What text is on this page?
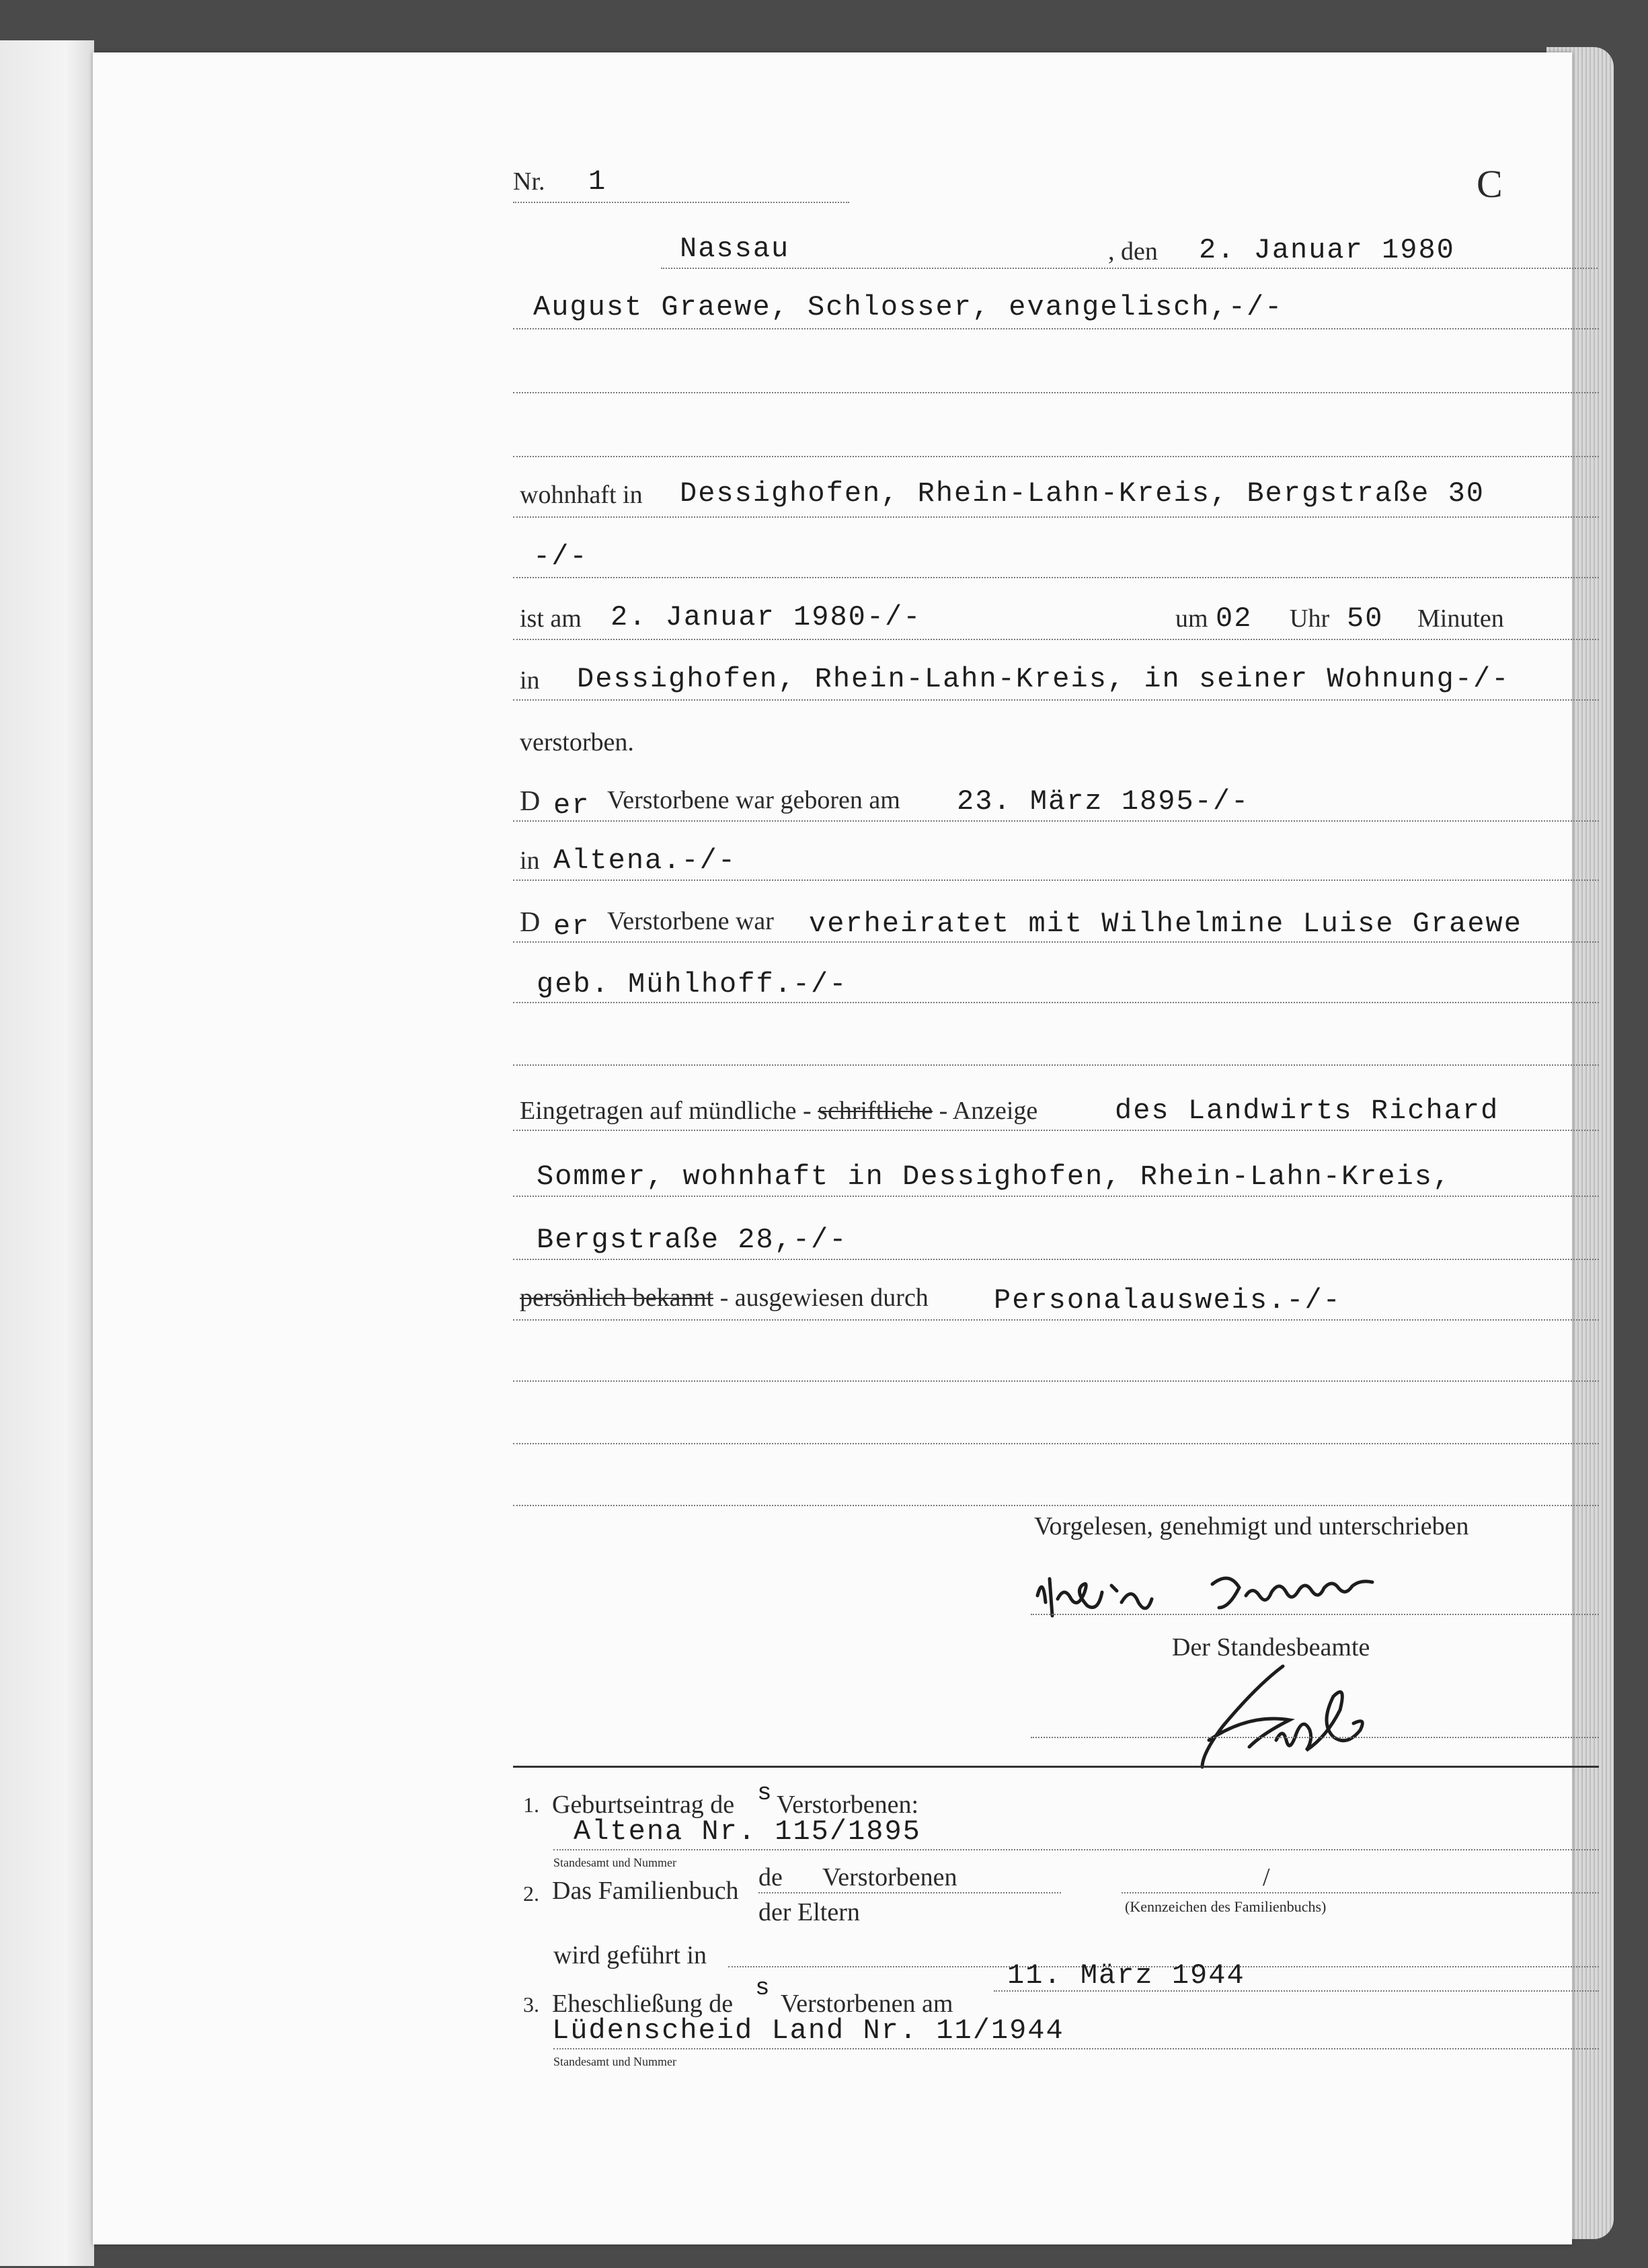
Nr. 1	C
Nassau	, den 2. Januar 1980
August Graewe, Schlosser, evangelisch,-/-
wohnhaft in Dessighofen, Rhein-Lahn-Kreis, Bergstraße 30
-/-
ist am 2. Januar 1980-/-	um 02 Uhr 50 Minuten
in Dessighofen, Rhein-Lahn-Kreis, in seiner Wohnung-/-
verstorben.
D er Verstorbene war geboren am 23. März 1895-/-
in Altena.-/-
D er Verstorbene war verheiratet mit Wilhelmine Luise Graewe
geb. Mühlhoff.-/-
Eingetragen auf mündliche - schriftliche - Anzeige	des Landwirts Richard
Sommer, wohnhaft in Dessighofen, Rhein-Lahn-Kreis,
Bergstraße 28,-/-
persönlich bekannt - ausgewiesen durch Personalausweis.-/-
Vorgelesen, genehmigt und unterschrieben
Der Standesbeamte
1. Geburtseintrag de s Verstorbenen:
Altena Nr. 115/1895
Standesamt und Nummer
2. Das Familienbuch de Verstorbenen
der Eltern
/
(Kennzeichen des Familienbuchs)
wird geführt in
3. Eheschließung de
s
Verstorbenen am
11. März 1944
Lüdenscheid Land Nr. 11/1944
Standesamt und Nummer
